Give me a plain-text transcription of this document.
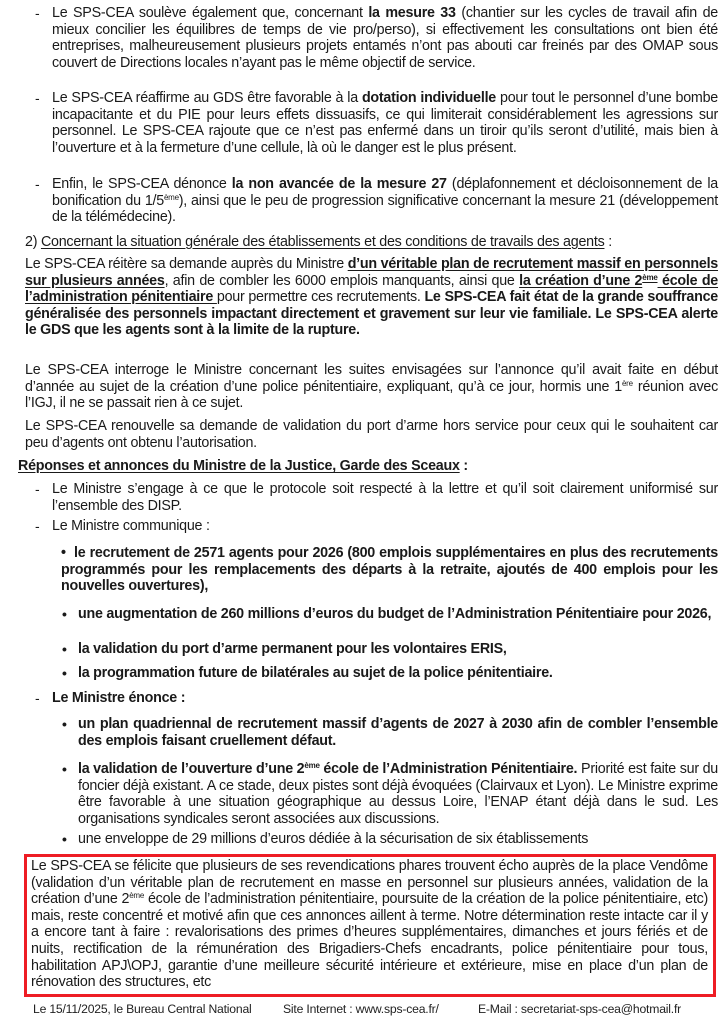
- Le SPS-CEA soulève également que, concernant la mesure 33 (chantier sur les cycles de travail afin de mieux concilier les équilibres de temps de vie pro/perso), si effectivement les consultations ont bien été entreprises, malheureusement plusieurs projets entamés n’ont pas abouti car freinés par des OMAP sous couvert de Directions locales n’ayant pas le même objectif de service.
- Le SPS-CEA réaffirme au GDS être favorable à la dotation individuelle pour tout le personnel d’une bombe incapacitante et du PIE pour leurs effets dissuasifs, ce qui limiterait considérablement les agressions sur personnel. Le SPS-CEA rajoute que ce n’est pas enfermé dans un tiroir qu’ils seront d’utilité, mais bien à l’ouverture et à la fermeture d’une cellule, là où le danger est le plus présent.
- Enfin, le SPS-CEA dénonce la non avancée de la mesure 27 (déplafonnement et décloisonnement de la bonification du 1/5ème), ainsi que le peu de progression significative concernant la mesure 21 (développement de la télémédecine).
2) Concernant la situation générale des établissements et des conditions de travails des agents :
Le SPS-CEA réitère sa demande auprès du Ministre d’un véritable plan de recrutement massif en personnels sur plusieurs années, afin de combler les 6000 emplois manquants, ainsi que la création d’une 2ème école de l’administration pénitentiaire pour permettre ces recrutements. Le SPS-CEA fait état de la grande souffrance généralisée des personnels impactant directement et gravement sur leur vie familiale. Le SPS-CEA alerte le GDS que les agents sont à la limite de la rupture.
Le SPS-CEA interroge le Ministre concernant les suites envisagées sur l’annonce qu’il avait faite en début d’année au sujet de la création d’une police pénitentiaire, expliquant, qu’à ce jour, hormis une 1ère réunion avec l’IGJ, il ne se passait rien à ce sujet.
Le SPS-CEA renouvelle sa demande de validation du port d’arme hors service pour ceux qui le souhaitent car peu d’agents ont obtenu l’autorisation.
Réponses et annonces du Ministre de la Justice, Garde des Sceaux :
- Le Ministre s’engage à ce que le protocole soit respecté à la lettre et qu’il soit clairement uniformisé sur l’ensemble des DISP.
- Le Ministre communique :
• le recrutement de 2571 agents pour 2026 (800 emplois supplémentaires en plus des recrutements programmés pour les remplacements des départs à la retraite, ajoutés de 400 emplois pour les nouvelles ouvertures),
• une augmentation de 260 millions d’euros du budget de l’Administration Pénitentiaire pour 2026,
• la validation du port d’arme permanent pour les volontaires ERIS,
• la programmation future de bilatérales au sujet de la police pénitentiaire.
- Le Ministre énonce :
• un plan quadriennal de recrutement massif d’agents de 2027 à 2030 afin de combler l’ensemble des emplois faisant cruellement défaut.
• la validation de l’ouverture d’une 2ème école de l’Administration Pénitentiaire. Priorité est faite sur du foncier déjà existant. A ce stade, deux pistes sont déjà évoquées (Clairvaux et Lyon). Le Ministre exprime être favorable à une situation géographique au dessus Loire, l’ENAP étant déjà dans le sud. Les organisations syndicales seront associées aux discussions.
• une enveloppe de 29 millions d’euros dédiée à la sécurisation de six établissements
Le SPS-CEA se félicite que plusieurs de ses revendications phares trouvent écho auprès de la place Vendôme (validation d’un véritable plan de recrutement en masse en personnel sur plusieurs années, validation de la création d’une 2ème école de l’administration pénitentiaire, poursuite de la création de la police pénitentiaire, etc) mais, reste concentré et motivé afin que ces annonces aillent à terme. Notre détermination reste intacte car il y a encore tant à faire : revalorisations des primes d’heures supplémentaires, dimanches et jours fériés et de nuits, rectification de la rémunération des Brigadiers-Chefs encadrants, police pénitentiaire pour tous, habilitation APJ\OPJ, garantie d’une meilleure sécurité intérieure et extérieure, mise en place d’un plan de rénovation des structures, etc
Le 15/11/2025, le Bureau Central National	Site Internet : www.sps-cea.fr/	E-Mail : secretariat-sps-cea@hotmail.fr
